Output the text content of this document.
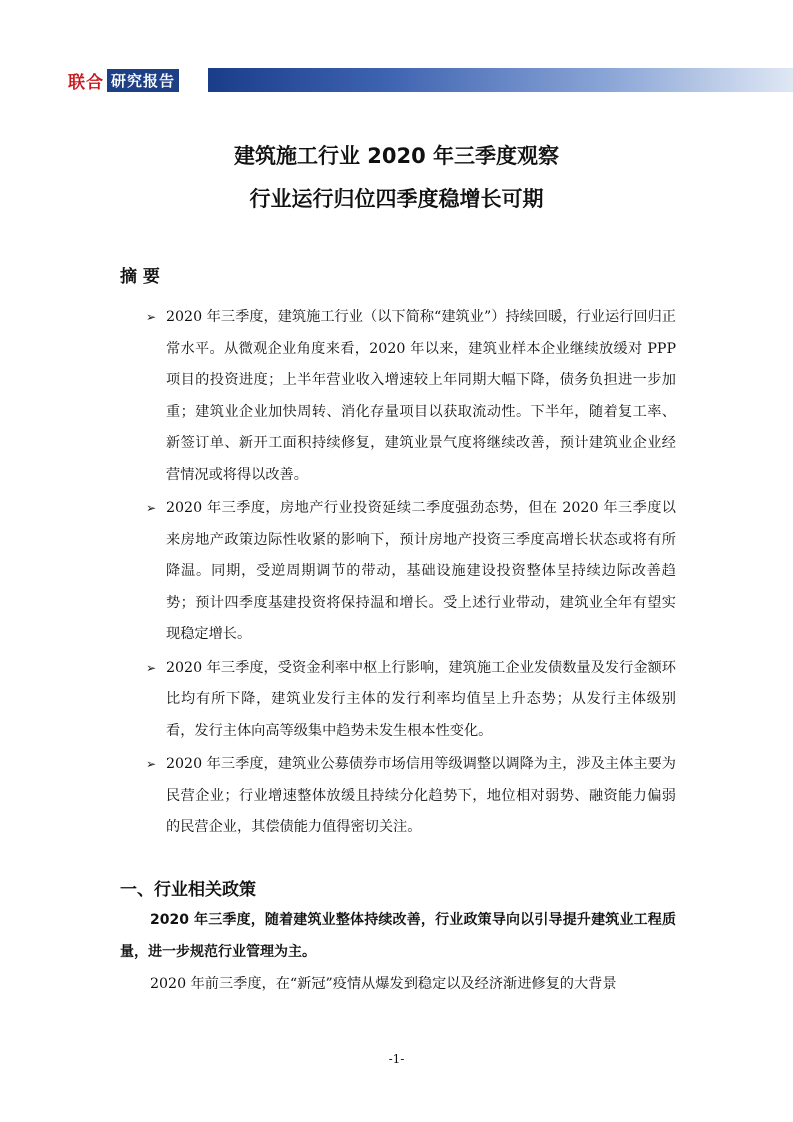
联合 研究报告
建筑施工行业 2020 年三季度观察
行业运行归位四季度稳增长可期
摘 要
➢ 2020 年三季度，建筑施工行业（以下简称“建筑业”）持续回暖，行业运行回归正常水平。从微观企业角度来看，2020 年以来，建筑业样本企业继续放缓对 PPP 项目的投资进度；上半年营业收入增速较上年同期大幅下降，债务负担进一步加重；建筑业企业加快周转、消化存量项目以获取流动性。下半年，随着复工率、新签订单、新开工面积持续修复，建筑业景气度将继续改善，预计建筑业企业经营情况或将得以改善。
➢ 2020 年三季度，房地产行业投资延续二季度强劲态势，但在 2020 年三季度以来房地产政策边际性收紧的影响下，预计房地产投资三季度高增长状态或将有所降温。同期，受逆周期调节的带动，基础设施建设投资整体呈持续边际改善趋势；预计四季度基建投资将保持温和增长。受上述行业带动，建筑业全年有望实现稳定增长。
➢ 2020 年三季度，受资金利率中枢上行影响，建筑施工企业发债数量及发行金额环比均有所下降，建筑业发行主体的发行利率均值呈上升态势；从发行主体级别看，发行主体向高等级集中趋势未发生根本性变化。
➢ 2020 年三季度，建筑业公募债券市场信用等级调整以调降为主，涉及主体主要为民营企业；行业增速整体放缓且持续分化趋势下，地位相对弱势、融资能力偏弱的民营企业，其偿债能力值得密切关注。
一、行业相关政策

2020 年三季度，随着建筑业整体持续改善，行业政策导向以引导提升建筑业工程质量，进一步规范行业管理为主。

2020 年前三季度，在“新冠”疫情从爆发到稳定以及经济渐进修复的大背景

-1-
